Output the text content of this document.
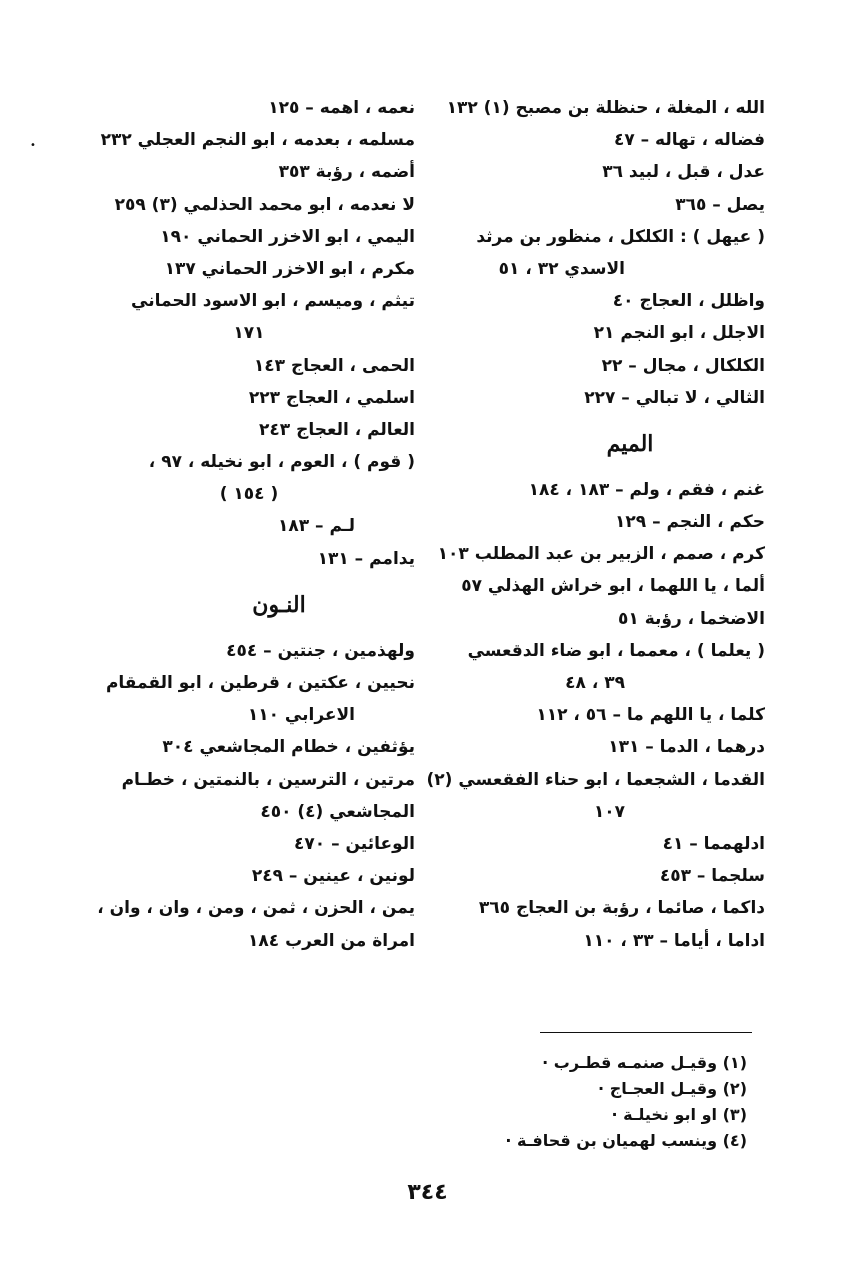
الله ، المغلة ، حنظلة بن مصبح (١) ١٣٢
فضاله ، تهاله – ٤٧
عدل ، قبل ، لبيد ٣٦
يصل – ٣٦٥
( عيهل ) : الكلكل ، منظور بن مرثد
الاسدي ٣٢ ، ٥١
واظلل ، العجاج ٤٠
الاجلل ، ابو النجم ٢١
الكلكال ، مجال – ٢٢
الثالي ، لا تبالي – ٢٢٧
الميم
غنم ، فقم ، ولم – ١٨٣ ، ١٨٤
حكم ، النجم – ١٢٩
كرم ، صمم ، الزبير بن عبد المطلب ١٠٣
ألما ، يا اللهما ، ابو خراش الهذلي ٥٧
الاضخما ، رؤبة ٥١
( يعلما ) ، معمما ، ابو ضاء الدقعسي
٣٩ ، ٤٨
كلما ، يا اللهم ما – ٥٦ ، ١١٢
درهما ، الدما – ١٣١
القدما ، الشجعما ، ابو حناء الفقعسي (٢)
١٠٧
ادلهمما – ٤١
سلجما – ٤٥٣
داكما ، صائما ، رؤبة بن العجاج ٣٦٥
اداما ، أياما – ٣٣ ، ١١٠
نعمه ، اهمه – ١٢٥
مسلمه ، بعدمه ، ابو النجم العجلي ٢٣٢
أضمه ، رؤبة ٣٥٣
لا نعدمه ، ابو محمد الحذلمي (٣) ٢٥٩
اليمي ، ابو الاخزر الحماني ١٩٠
مكرم ، ابو الاخزر الحماني ١٣٧
تيثم ، وميسم ، ابو الاسود الحماني
١٧١
الحمى ، العجاج ١٤٣
اسلمي ، العجاج ٢٢٣
العالم ، العجاج ٢٤٣
( قوم ) ، العوم ، ابو نخيله ، ٩٧ ،
( ١٥٤ )
لـم – ١٨٣
يدامم – ١٣١
النـون
ولهذمين ، جنتين – ٤٥٤
نحيين ، عكتين ، قرطين ، ابو القمقام
الاعرابي ١١٠
يؤثفين ، خطام المجاشعي ٣٠٤
مرتين ، الترسين ، بالنمتين ، خطـام
المجاشعي (٤) ٤٥٠
الوعائين – ٤٧٠
لونين ، عينين – ٢٤٩
يمن ، الحزن ، ثمن ، ومن ، وان ، وان ،
امراة من العرب ١٨٤
•
(١) وقيـل صنمـه قطـرب ·
(٢) وقيـل العجـاج ·
(٣) او ابو نخيلـة ·
(٤) وينسب لهميان بن قحافـة ·
٣٤٤
